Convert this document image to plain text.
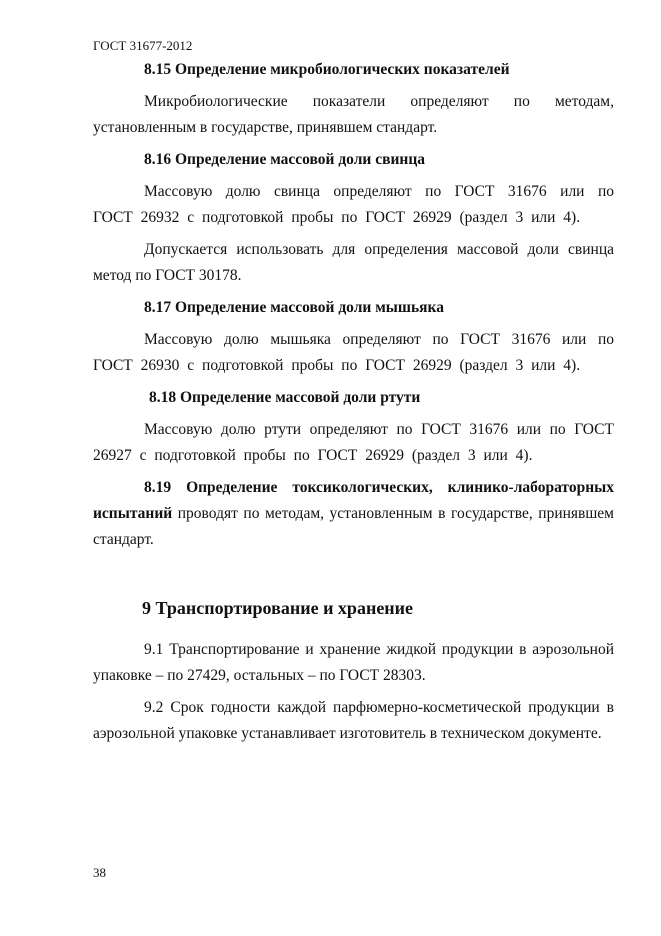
ГОСТ 31677-2012

8.15 Определение микробиологических показателей

Микробиологические показатели определяют по методам, установленным в государстве, принявшем стандарт.

8.16 Определение массовой доли свинца

Массовую долю свинца определяют по ГОСТ 31676 или по ГОСТ 26932 с подготовкой пробы по ГОСТ 26929 (раздел 3 или 4).

Допускается использовать для определения массовой доли свинца метод по ГОСТ 30178.

8.17 Определение массовой доли мышьяка

Массовую долю мышьяка определяют по ГОСТ 31676 или по ГОСТ 26930 с подготовкой пробы по ГОСТ 26929 (раздел 3 или 4).

8.18 Определение массовой доли ртути

Массовую долю ртути определяют по ГОСТ 31676 или по ГОСТ 26927 с подготовкой пробы по ГОСТ 26929 (раздел 3 или 4).

8.19 Определение токсикологических, клинико-лабораторных испытаний проводят по методам, установленным в государстве, принявшем стандарт.

9 Транспортирование и хранение

9.1 Транспортирование и хранение жидкой продукции в аэрозольной упаковке – по 27429, остальных – по ГОСТ 28303.

9.2 Срок годности каждой парфюмерно-косметической продукции в аэрозольной упаковке устанавливает изготовитель в техническом документе.

38
